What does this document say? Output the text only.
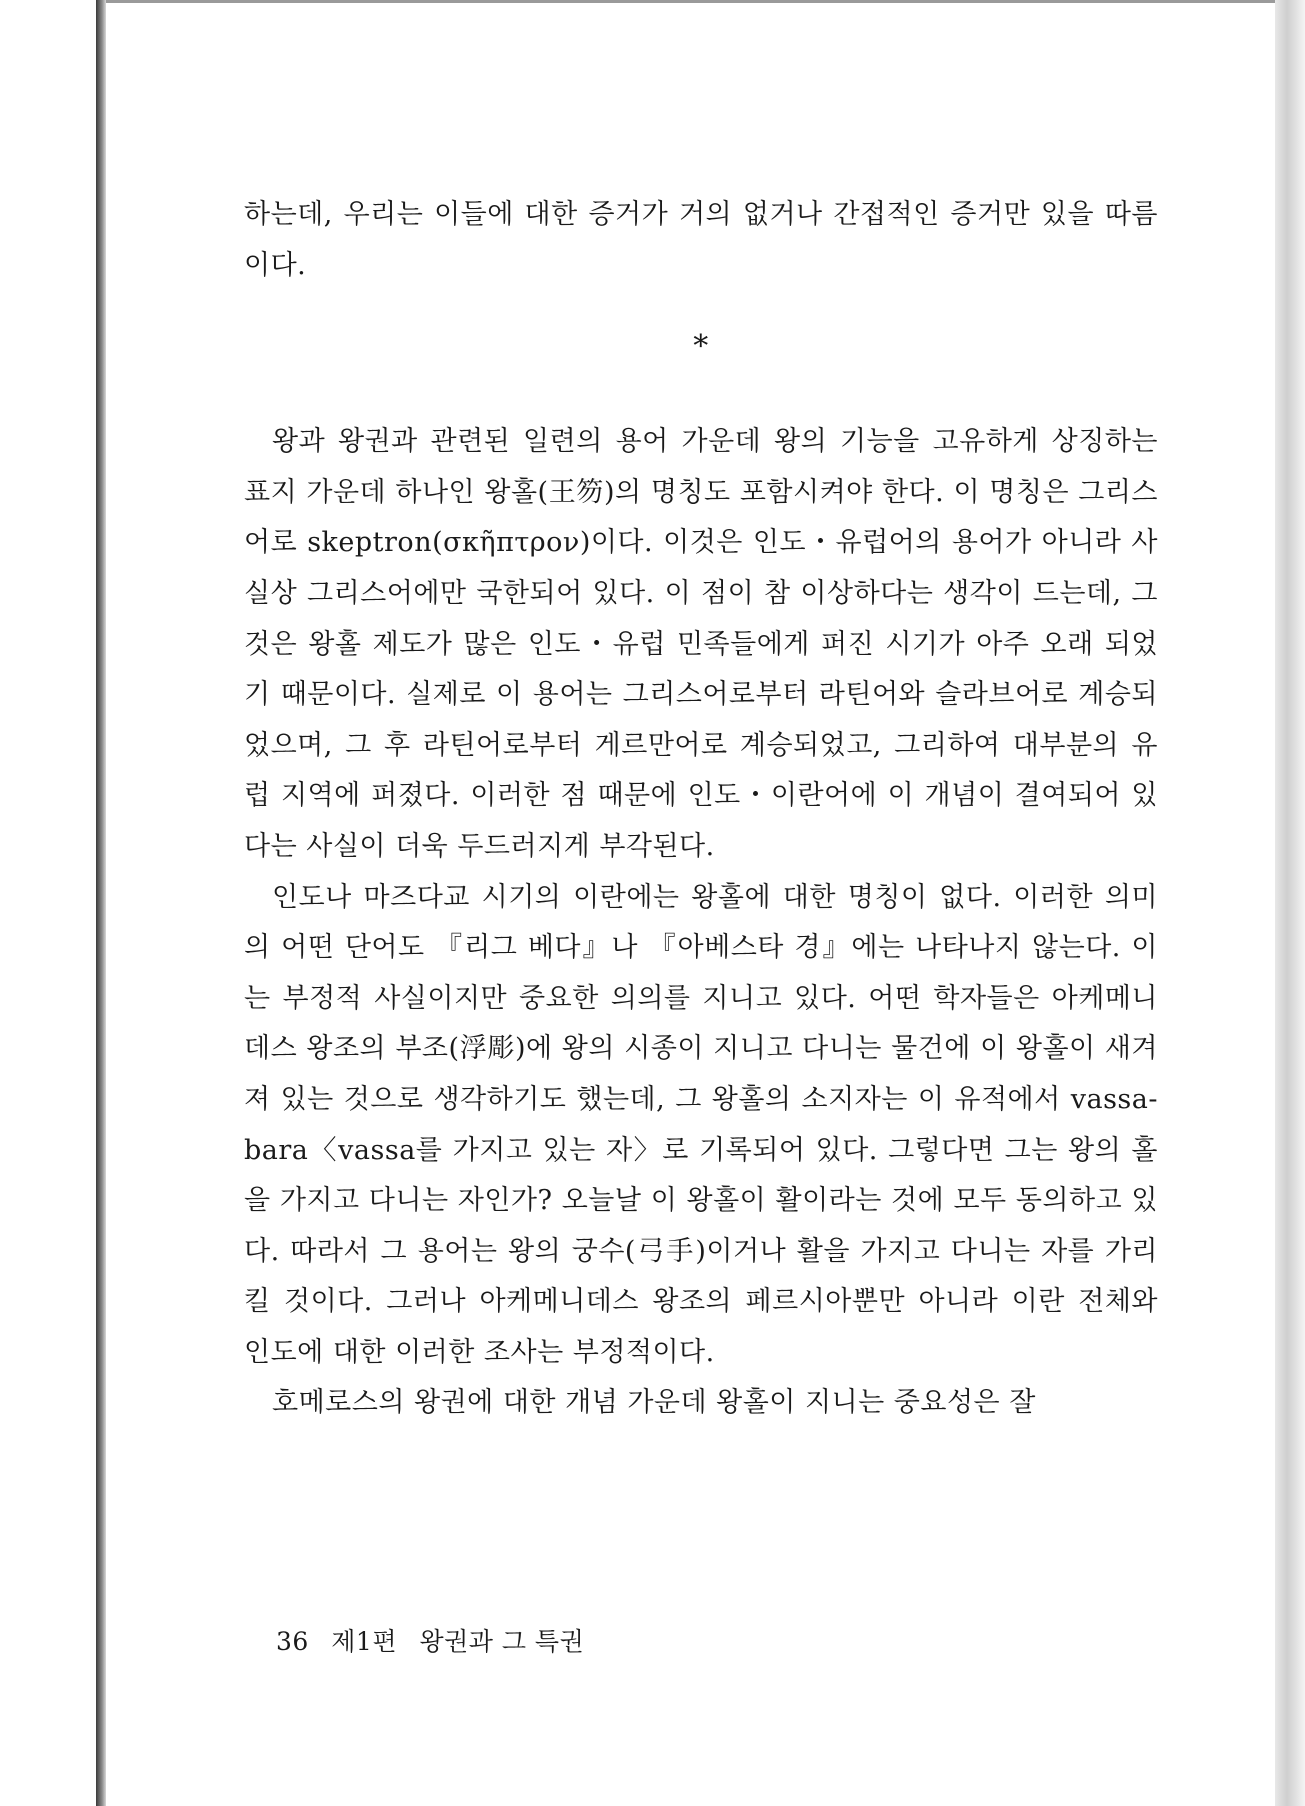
하는데, 우리는 이들에 대한 증거가 거의 없거나 간접적인 증거만 있을 따름이다.

*

왕과 왕권과 관련된 일련의 용어 가운데 왕의 기능을 고유하게 상징하는 표지 가운데 하나인 왕홀(王笏)의 명칭도 포함시켜야 한다. 이 명칭은 그리스어로 skeptron(σκῆπτρον)이다. 이것은 인도・유럽어의 용어가 아니라 사실상 그리스어에만 국한되어 있다. 이 점이 참 이상하다는 생각이 드는데, 그것은 왕홀 제도가 많은 인도・유럽 민족들에게 퍼진 시기가 아주 오래 되었기 때문이다. 실제로 이 용어는 그리스어로부터 라틴어와 슬라브어로 계승되었으며, 그 후 라틴어로부터 게르만어로 계승되었고, 그리하여 대부분의 유럽 지역에 퍼졌다. 이러한 점 때문에 인도・이란어에 이 개념이 결여되어 있다는 사실이 더욱 두드러지게 부각된다.

인도나 마즈다교 시기의 이란에는 왕홀에 대한 명칭이 없다. 이러한 의미의 어떤 단어도 『리그 베다』나 『아베스타 경』에는 나타나지 않는다. 이는 부정적 사실이지만 중요한 의의를 지니고 있다. 어떤 학자들은 아케메니데스 왕조의 부조(浮彫)에 왕의 시종이 지니고 다니는 물건에 이 왕홀이 새겨져 있는 것으로 생각하기도 했는데, 그 왕홀의 소지자는 이 유적에서 vassa-bara〈vassa를 가지고 있는 자〉로 기록되어 있다. 그렇다면 그는 왕의 홀을 가지고 다니는 자인가? 오늘날 이 왕홀이 활이라는 것에 모두 동의하고 있다. 따라서 그 용어는 왕의 궁수(弓手)이거나 활을 가지고 다니는 자를 가리킬 것이다. 그러나 아케메니데스 왕조의 페르시아뿐만 아니라 이란 전체와 인도에 대한 이러한 조사는 부정적이다.

호메로스의 왕권에 대한 개념 가운데 왕홀이 지니는 중요성은 잘

36 제1편 왕권과 그 특권
